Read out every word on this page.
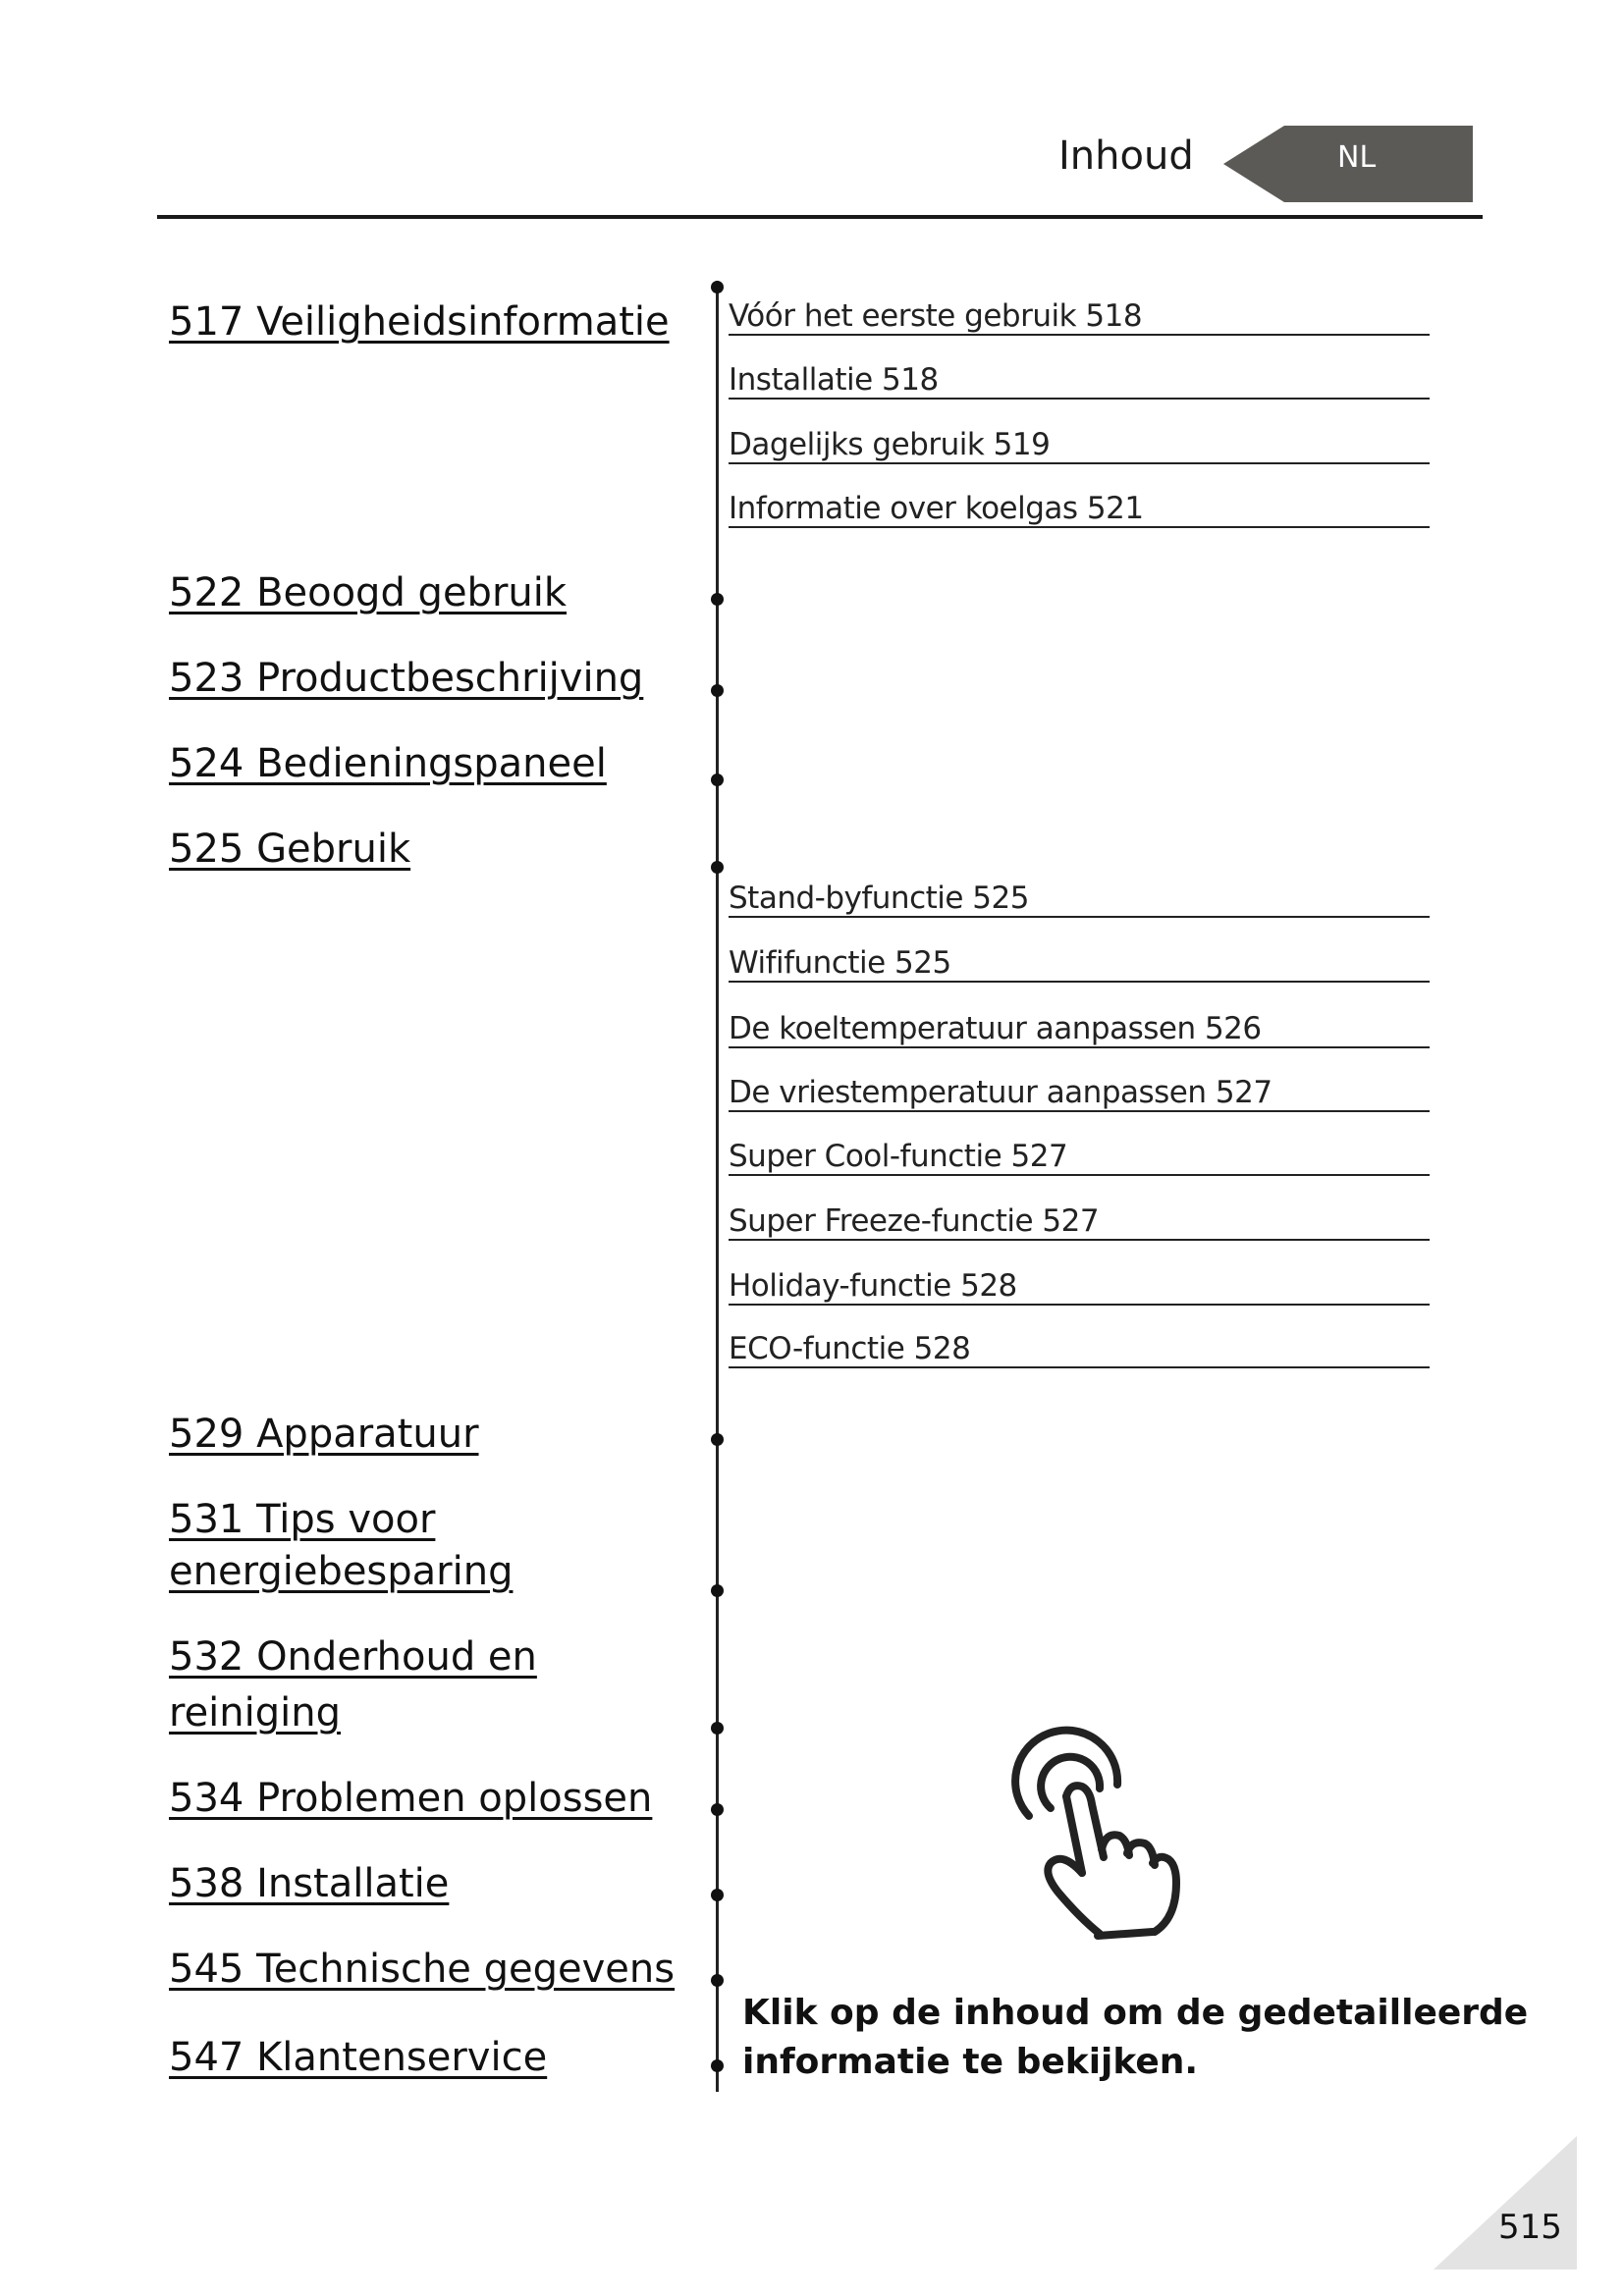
Inhoud	NL
517 Veiligheidsinformatie
522 Beoogd gebruik
523 Productbeschrijving
524 Bedieningspaneel
525 Gebruik
529 Apparatuur
531 Tips voor
energiebesparing
532 Onderhoud en
reiniging
534 Problemen oplossen
538 Installatie
545 Technische gegevens
547 Klantenservice
Vóór het eerste gebruik 518
Installatie 518
Dagelijks gebruik 519
Informatie over koelgas 521
Stand-byfunctie 525
Wififunctie 525
De koeltemperatuur aanpassen 526
De vriestemperatuur aanpassen 527
Super Cool-functie 527
Super Freeze-functie 527
Holiday-functie 528
ECO-functie 528
Klik op de inhoud om de gedetailleerde
informatie te bekijken.
515
